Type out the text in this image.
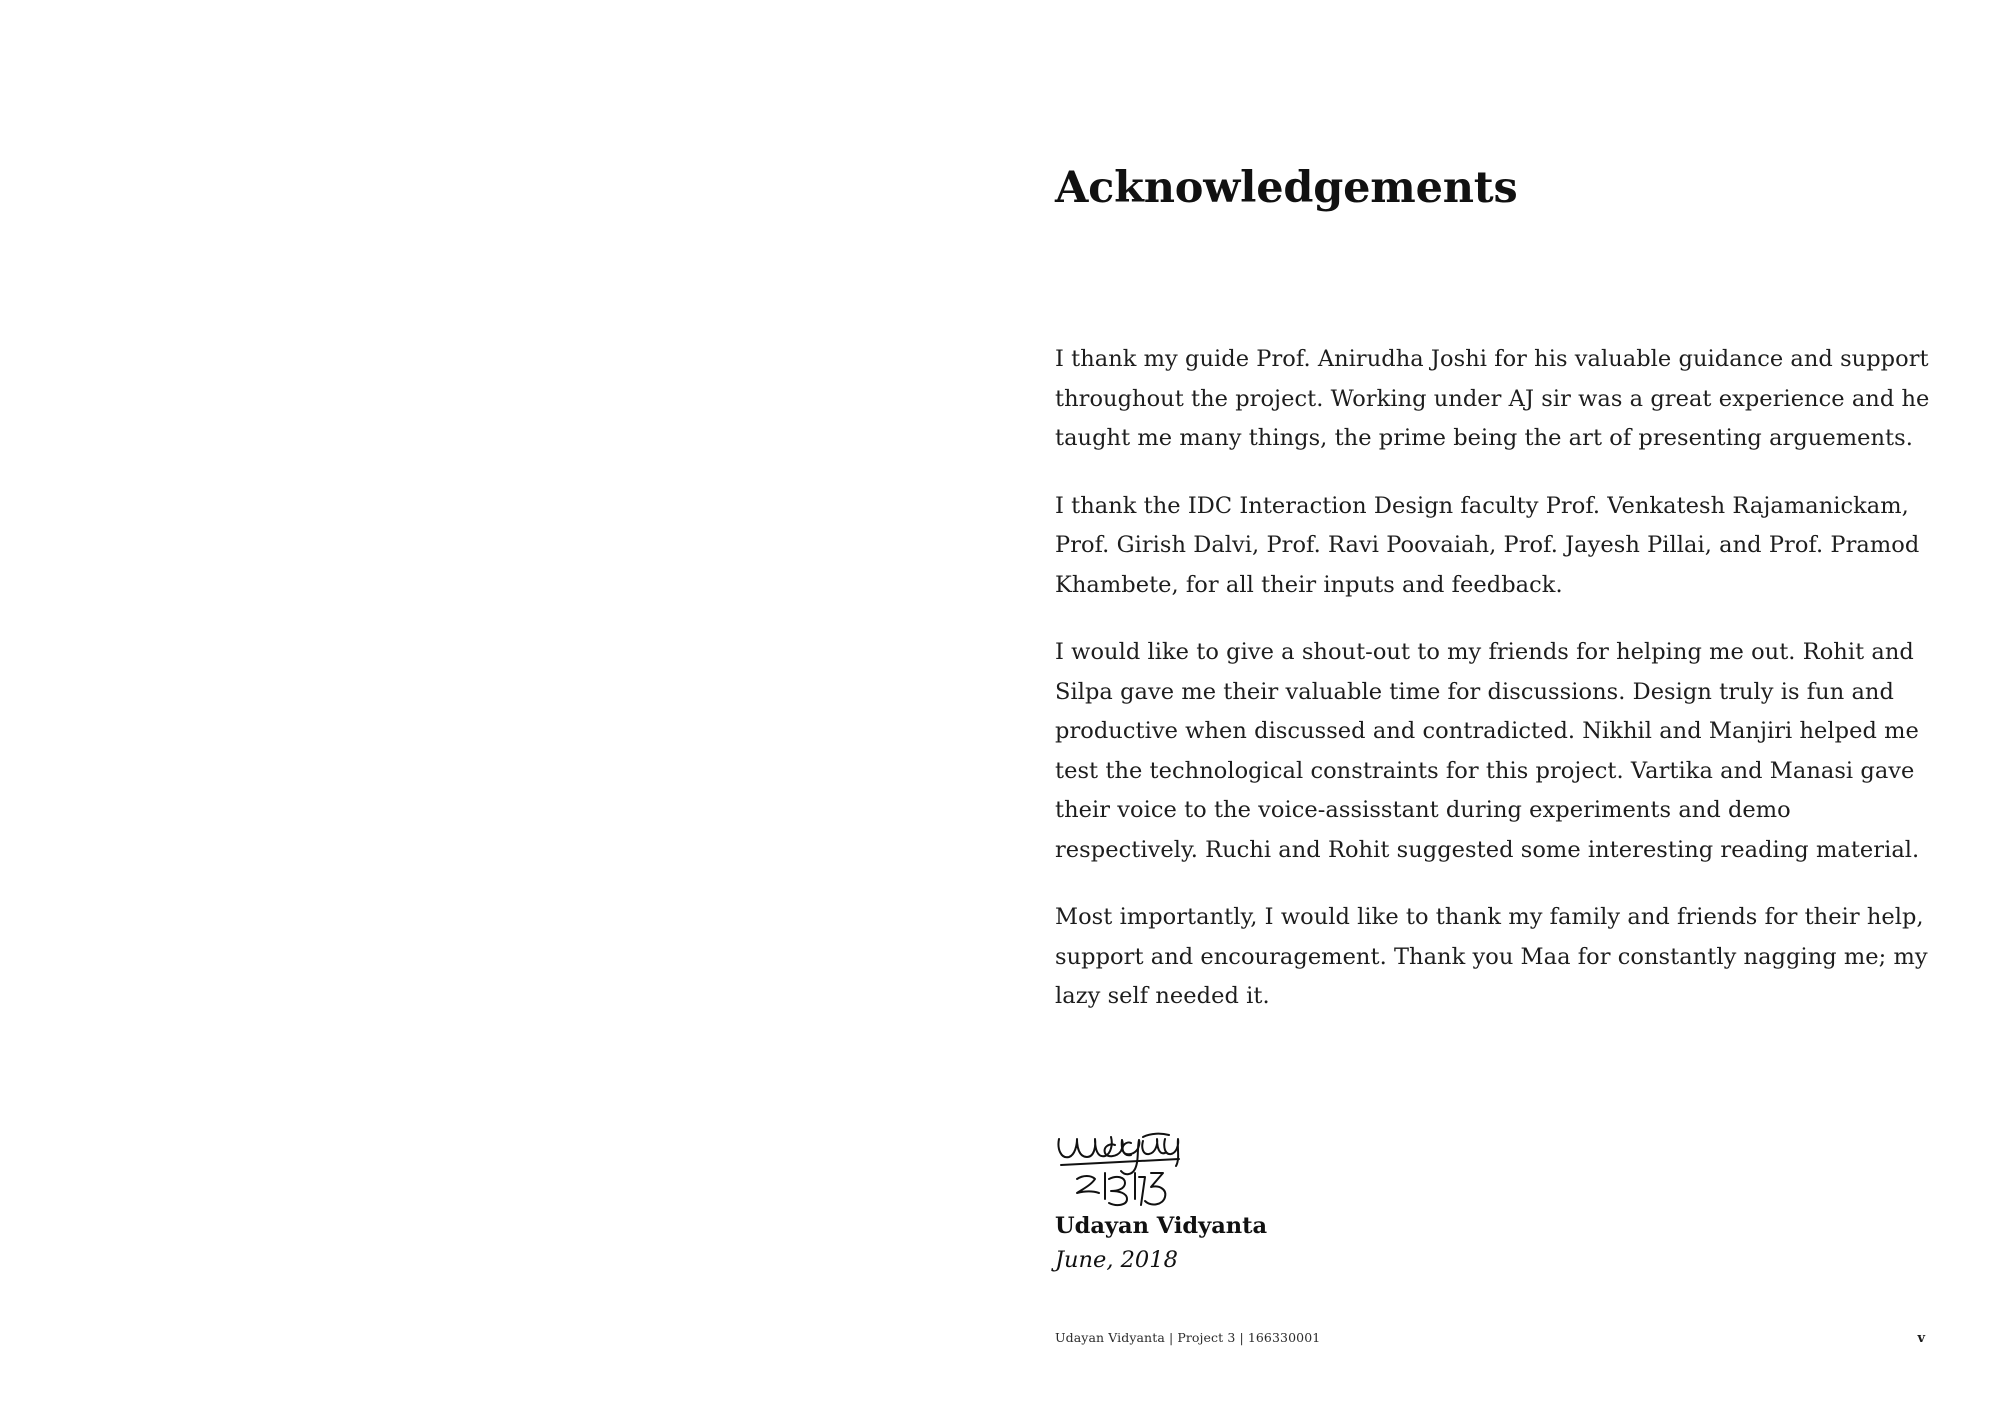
Acknowledgements

I thank my guide Prof. Anirudha Joshi for his valuable guidance and support throughout the project. Working under AJ sir was a great experience and he taught me many things, the prime being the art of presenting arguements.

I thank the IDC Interaction Design faculty Prof. Venkatesh Rajamanickam, Prof. Girish Dalvi, Prof. Ravi Poovaiah, Prof. Jayesh Pillai, and Prof. Pramod Khambete, for all their inputs and feedback.

I would like to give a shout-out to my friends for helping me out. Rohit and Silpa gave me their valuable time for discussions. Design truly is fun and productive when discussed and contradicted. Nikhil and Manjiri helped me test the technological constraints for this project. Vartika and Manasi gave their voice to the voice-assisstant during experiments and demo respectively. Ruchi and Rohit suggested some interesting reading material.

Most importantly, I would like to thank my family and friends for their help, support and encouragement. Thank you Maa for constantly nagging me; my lazy self needed it.

Udayan Vidyanta
June, 2018
Udayan Vidyanta | Project 3 | 166330001	v
